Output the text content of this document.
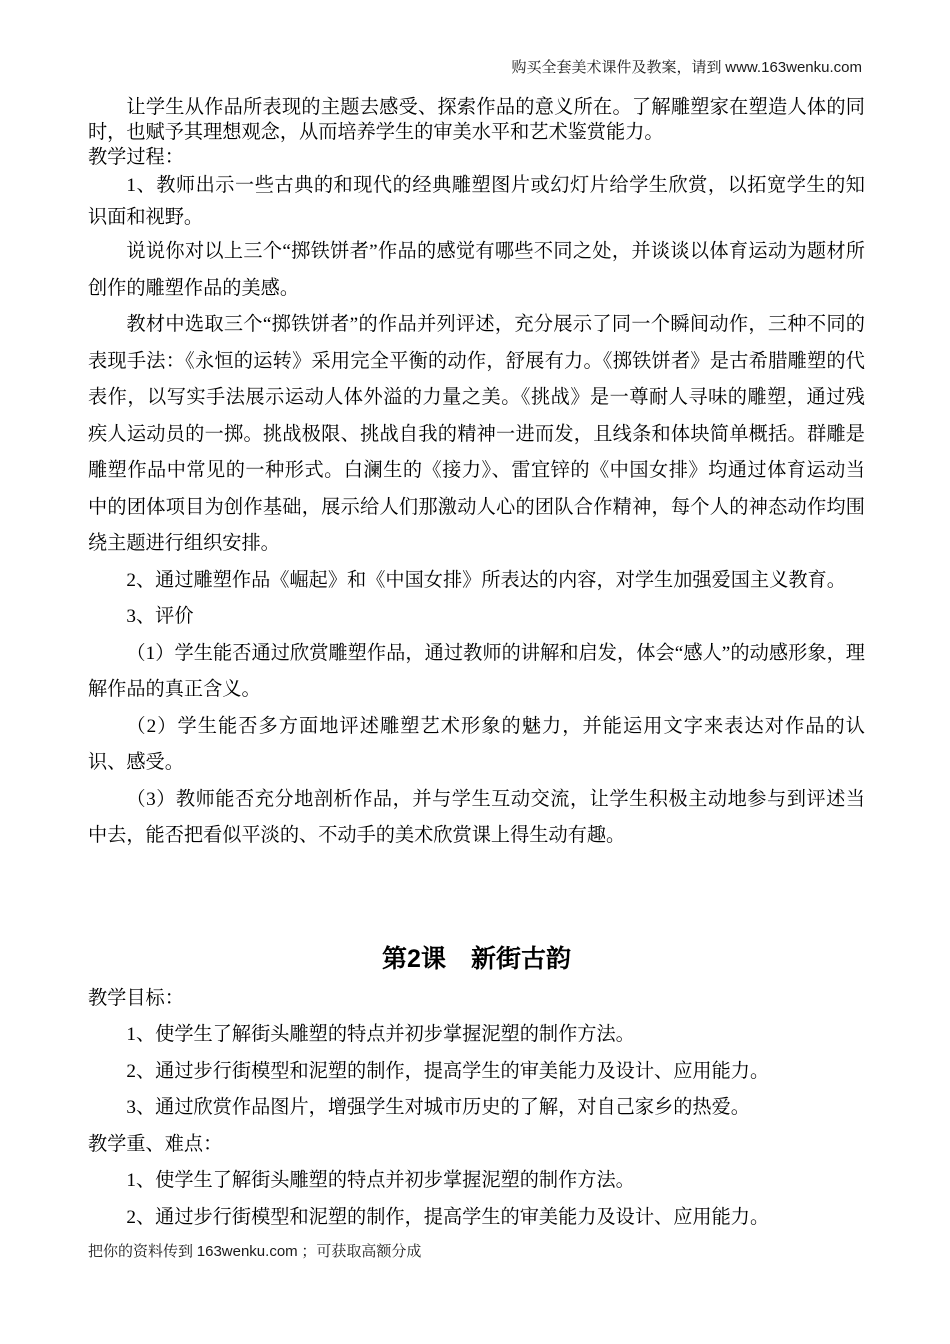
购买全套美术课件及教案，请到 www.163wenku.com

让学生从作品所表现的主题去感受、探索作品的意义所在。了解雕塑家在塑造人体的同时，也赋予其理想观念，从而培养学生的审美水平和艺术鉴赏能力。

教学过程：

1、教师出示一些古典的和现代的经典雕塑图片或幻灯片给学生欣赏，以拓宽学生的知识面和视野。

说说你对以上三个“掷铁饼者”作品的感觉有哪些不同之处，并谈谈以体育运动为题材所创作的雕塑作品的美感。

教材中选取三个“掷铁饼者”的作品并列评述，充分展示了同一个瞬间动作，三种不同的表现手法：《永恒的运转》采用完全平衡的动作，舒展有力。《掷铁饼者》是古希腊雕塑的代表作，以写实手法展示运动人体外溢的力量之美。《挑战》是一尊耐人寻味的雕塑，通过残疾人运动员的一掷。挑战极限、挑战自我的精神一进而发，且线条和体块简单概括。群雕是雕塑作品中常见的一种形式。白澜生的《接力》、雷宜锌的《中国女排》均通过体育运动当中的团体项目为创作基础，展示给人们那激动人心的团队合作精神，每个人的神态动作均围绕主题进行组织安排。

2、通过雕塑作品《崛起》和《中国女排》所表达的内容，对学生加强爱国主义教育。

3、评价

（1）学生能否通过欣赏雕塑作品，通过教师的讲解和启发，体会“感人”的动感形象，理解作品的真正含义。

（2）学生能否多方面地评述雕塑艺术形象的魅力，并能运用文字来表达对作品的认识、感受。

（3）教师能否充分地剖析作品，并与学生互动交流，让学生积极主动地参与到评述当中去，能否把看似平淡的、不动手的美术欣赏课上得生动有趣。

第2课　新街古韵
教学目标：

1、使学生了解街头雕塑的特点并初步掌握泥塑的制作方法。

2、通过步行街模型和泥塑的制作，提高学生的审美能力及设计、应用能力。

3、通过欣赏作品图片，增强学生对城市历史的了解，对自己家乡的热爱。

教学重、难点：

1、使学生了解街头雕塑的特点并初步掌握泥塑的制作方法。

2、通过步行街模型和泥塑的制作，提高学生的审美能力及设计、应用能力。

把你的资料传到 163wenku.com ；可获取高额分成
